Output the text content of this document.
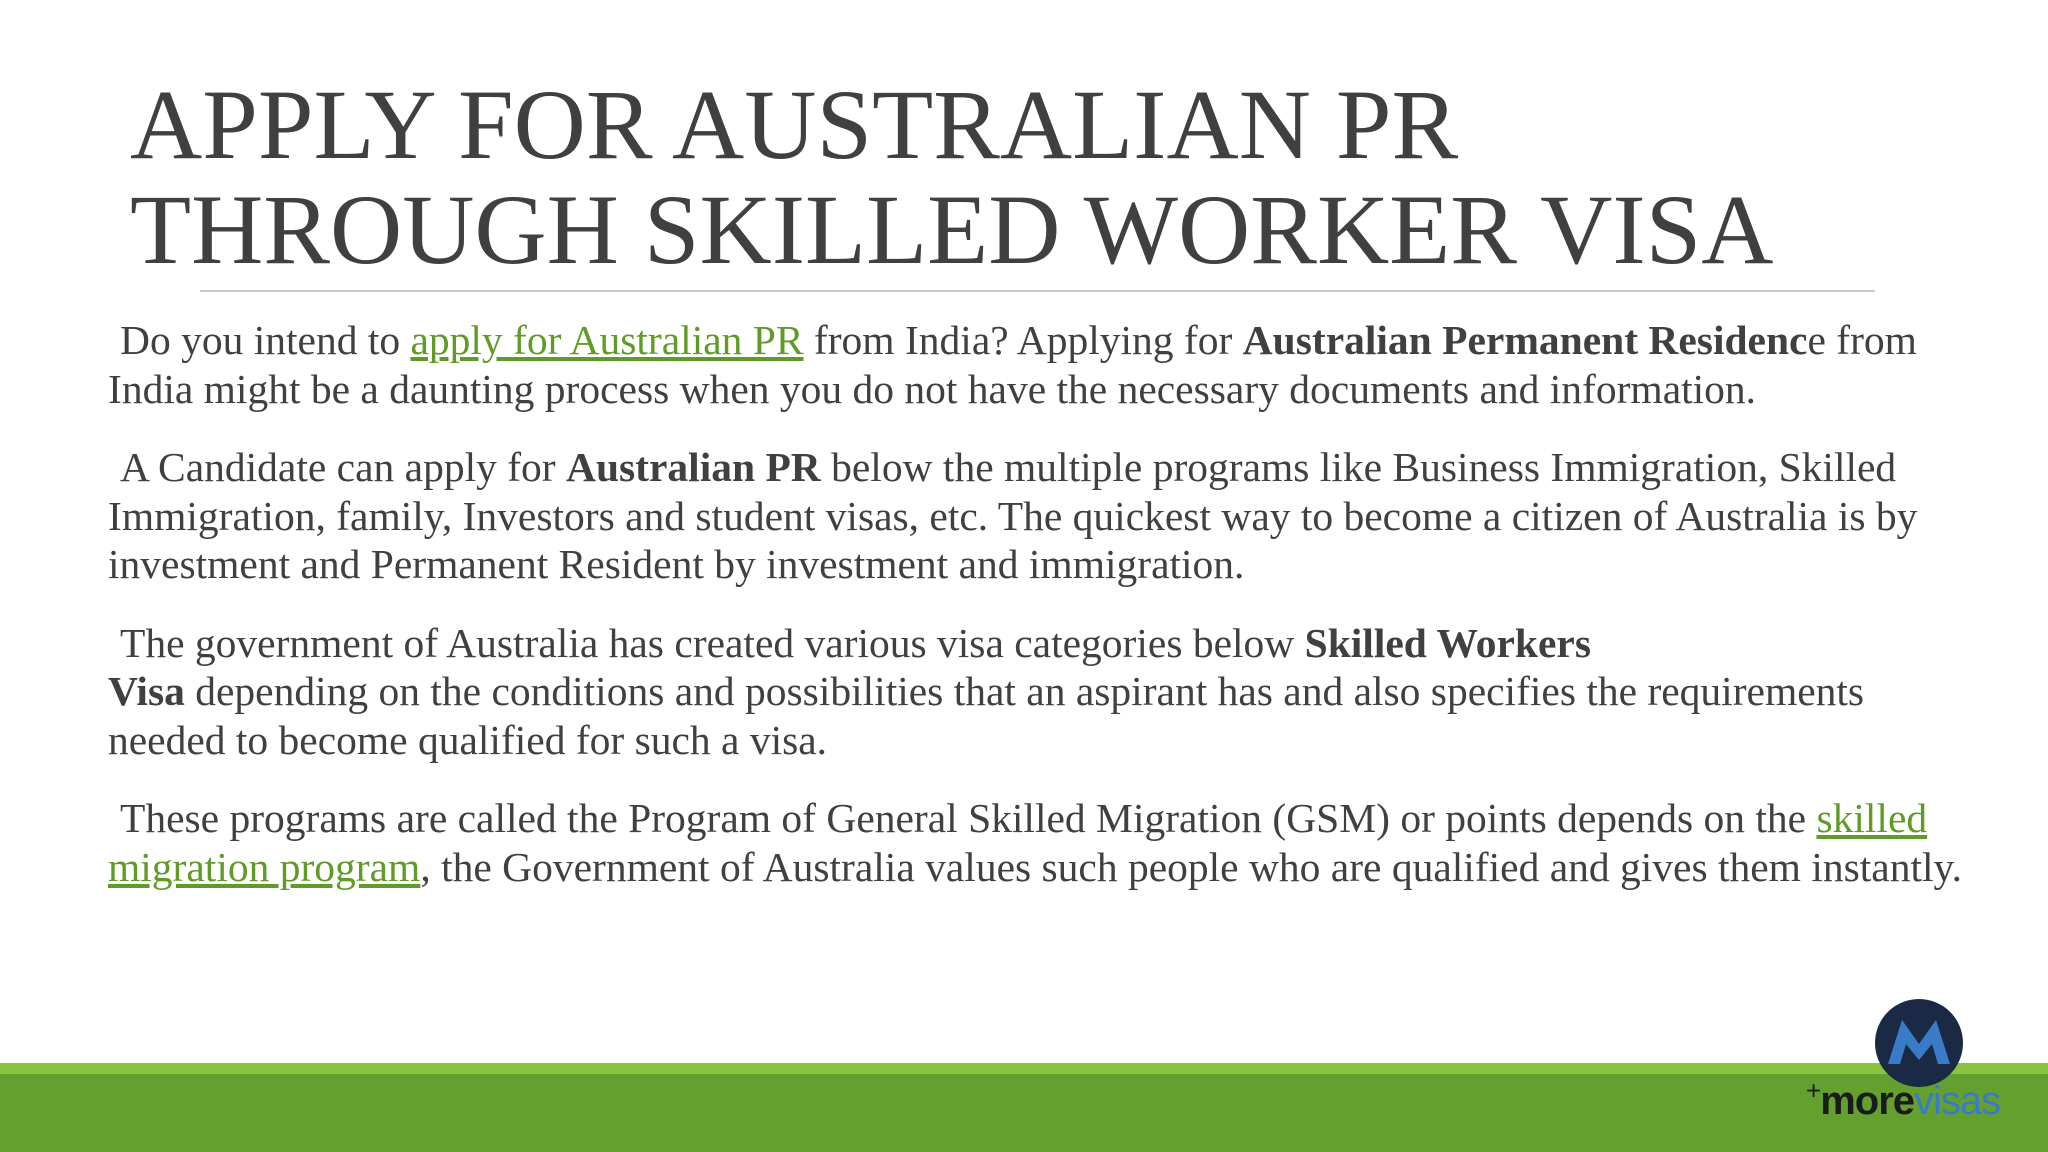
APPLY FOR AUSTRALIAN PR
THROUGH SKILLED WORKER VISA

Do you intend to apply for Australian PR from India? Applying for Australian Permanent Residence from India might be a daunting process when you do not have the necessary documents and information.

A Candidate can apply for Australian PR below the multiple programs like Business Immigration, Skilled Immigration, family, Investors and student visas, etc. The quickest way to become a citizen of Australia is by investment and Permanent Resident by investment and immigration.

The government of Australia has created various visa categories below Skilled Workers
Visa depending on the conditions and possibilities that an aspirant has and also specifies the requirements needed to become qualified for such a visa.

These programs are called the Program of General Skilled Migration (GSM) or points depends on the skilled migration program, the Government of Australia values such people who are qualified and gives them instantly.

+morevisas
